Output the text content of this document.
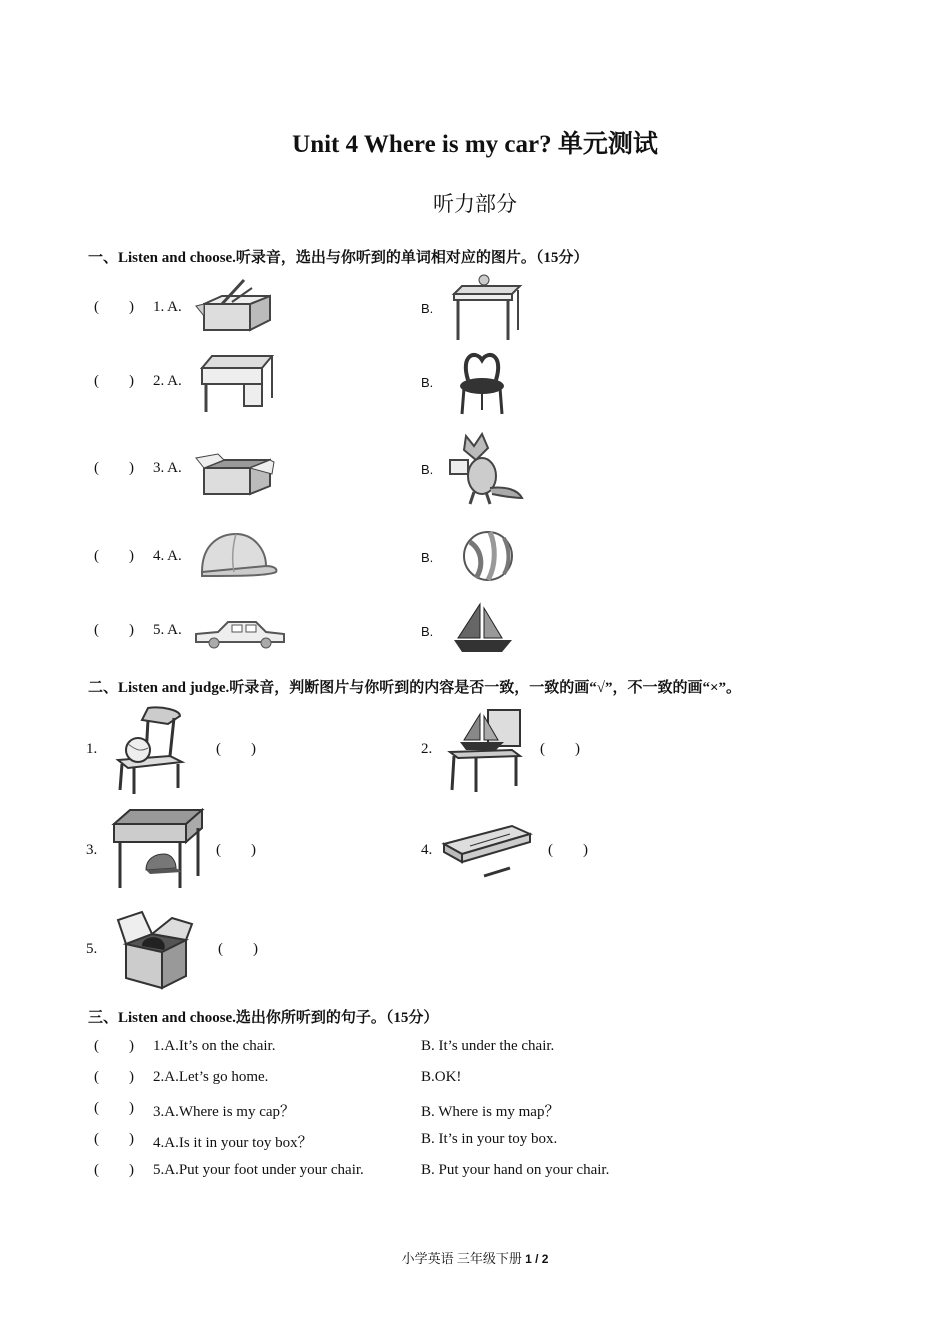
Unit 4 Where is my car? 单元测试
听力部分
一、Listen and choose.听录音，选出与你听到的单词相对应的图片。（15分）
(        ) 1. A.	B.
(        ) 2. A.	B.
(        ) 3. A.	B.
(        ) 4. A.	B.
(        ) 5. A.	B.
二、Listen and judge.听录音，判断图片与你听到的内容是否一致，一致的画“√”，不一致的画“×”。
1.	(        )	2.	(        )
3.	(        )	4.	(        )
5.	(        )
三、Listen and choose.选出你所听到的句子。（15分）
(        ) 1.A.It’s on the chair.	B. It’s under the chair.
(        ) 2.A.Let’s go home.	B.OK!
(        ) 3.A.Where is my cap？	B. Where is my map？
(        ) 4.A.Is it in your toy box？	B. It’s in your toy box.
(        ) 5.A.Put your foot under your chair.	B. Put your hand on your chair.
小学英语 三年级下册 1 / 2
